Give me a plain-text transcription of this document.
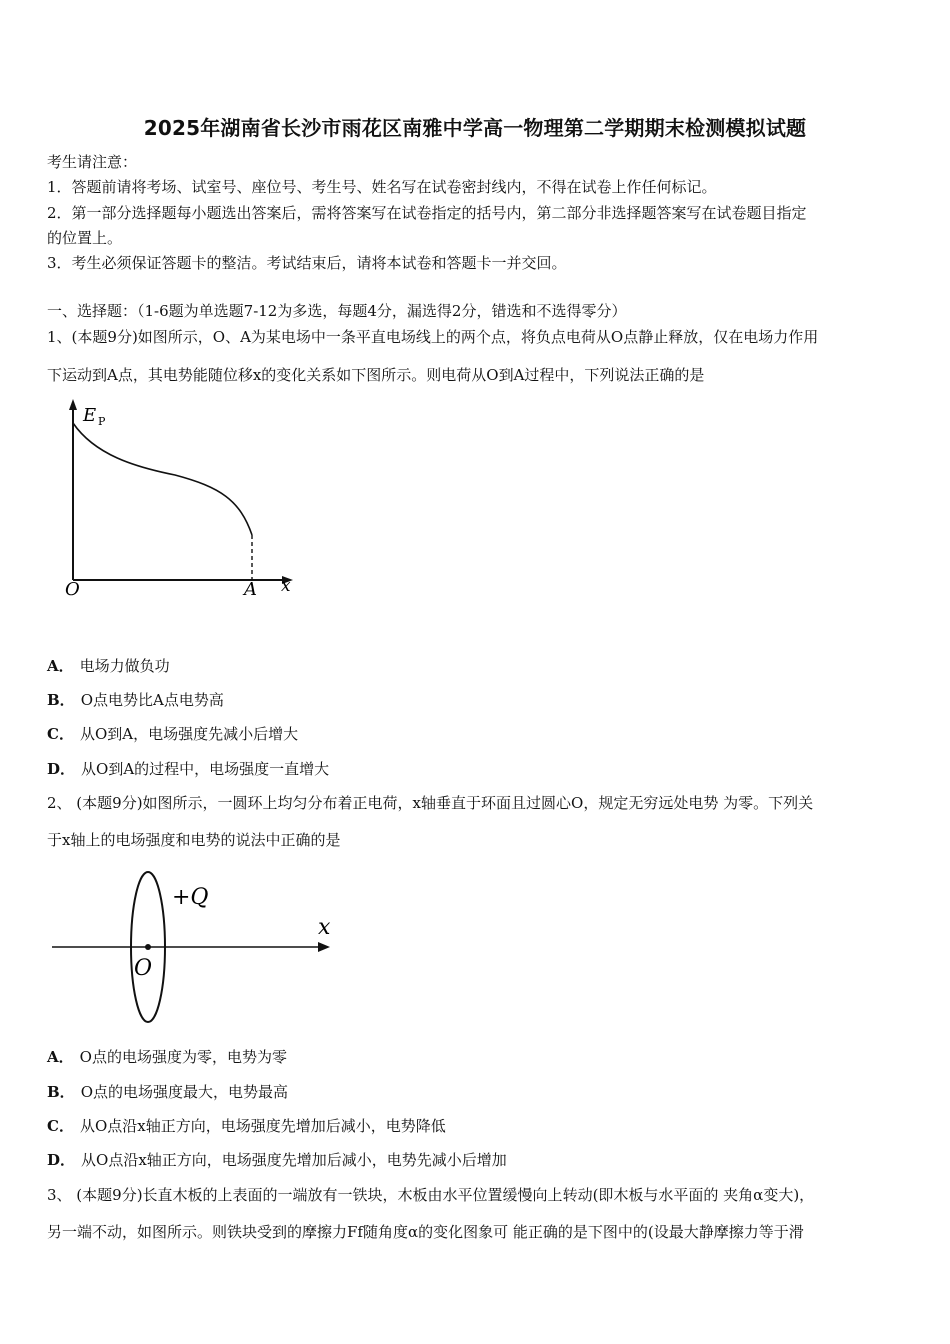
2025年湖南省长沙市雨花区南雅中学高一物理第二学期期末检测模拟试题
考生请注意：
1．答题前请将考场、试室号、座位号、考生号、姓名写在试卷密封线内，不得在试卷上作任何标记。
2．第一部分选择题每小题选出答案后，需将答案写在试卷指定的括号内，第二部分非选择题答案写在试卷题目指定
的位置上。
3．考生必须保证答题卡的整洁。考试结束后，请将本试卷和答题卡一并交回。
一、选择题：（1-6题为单选题7-12为多选，每题4分，漏选得2分，错选和不选得零分）
1、(本题9分)如图所示，O、A为某电场中一条平直电场线上的两个点，将负点电荷从O点静止释放，仅在电场力作用
下运动到A点，其电势能随位移x的变化关系如下图所示。则电荷从O到A过程中，下列说法正确的是
E P
O	A x
A． 电场力做负功
B． O点电势比A点电势高
C． 从O到A，电场强度先减小后增大
D． 从O到A的过程中，电场强度一直增大
2、 (本题9分)如图所示，一圆环上均匀分布着正电荷，x轴垂直于环面且过圆心O，规定无穷远处电势 为零。下列关
于x轴上的电场强度和电势的说法中正确的是
+Q
x
O
A． O点的电场强度为零，电势为零
B． O点的电场强度最大，电势最高
C． 从O点沿x轴正方向，电场强度先增加后减小，电势降低
D． 从O点沿x轴正方向，电场强度先增加后减小，电势先减小后增加
3、 (本题9分)长直木板的上表面的一端放有一铁块，木板由水平位置缓慢向上转动(即木板与水平面的 夹角α变大)，
另一端不动，如图所示。则铁块受到的摩擦力Ff随角度α的变化图象可 能正确的是下图中的(设最大静摩擦力等于滑
